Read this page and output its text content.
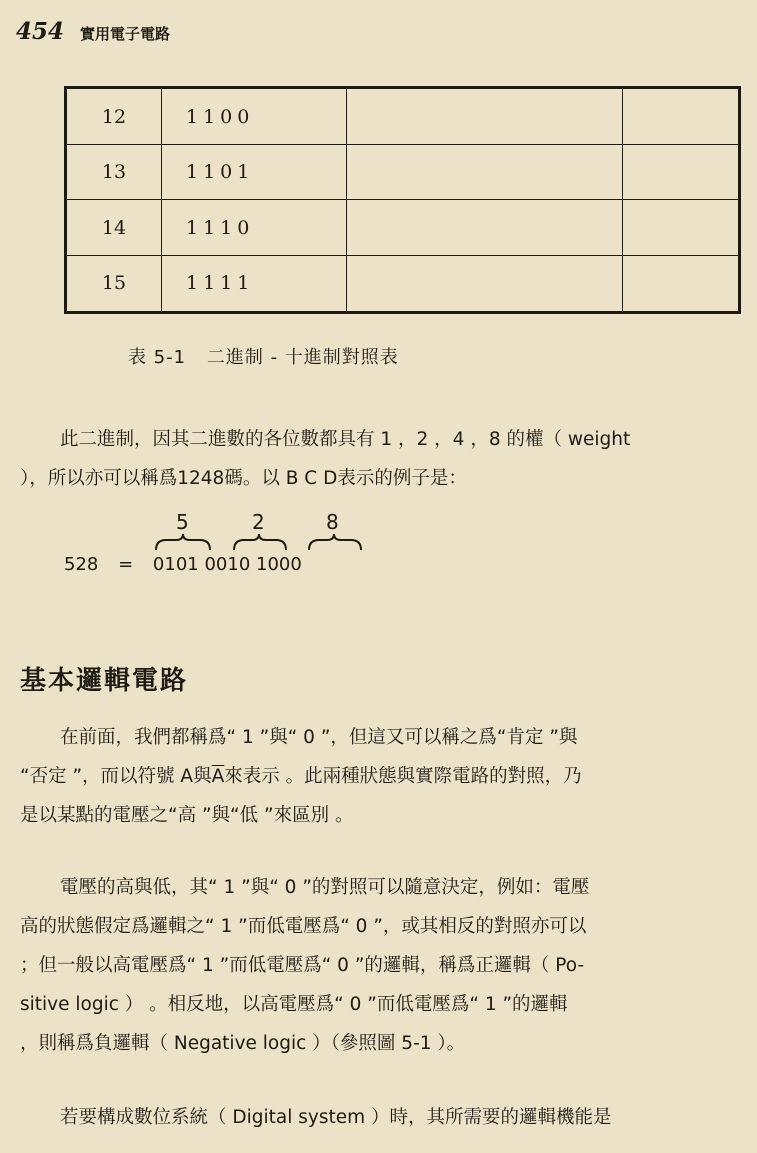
454 實用電子電路
12	1100		
13	1101		
14	1110		
15	1111		
表 5-1 二進制 - 十進制對照表

此二進制，因其二進數的各位數都具有 1 ，2 ，4 ，8 的權（ weight
），所以亦可以稱爲1248碼。以 B C D表示的例子是：

5	2	8
528 = 0101 0010 1000
基本邏輯電路

在前面，我們都稱爲“ 1 ”與“ 0 ”，但這又可以稱之爲“肯定 ”與
“否定 ”，而以符號 A與$\overline{A}$來表示 。此兩種狀態與實際電路的對照，乃
是以某點的電壓之“高 ”與“低 ”來區別 。

電壓的高與低，其“ 1 ”與“ 0 ”的對照可以隨意決定，例如：電壓
高的狀態假定爲邏輯之“ 1 ”而低電壓爲“ 0 ”，或其相反的對照亦可以
；但一般以高電壓爲“ 1 ”而低電壓爲“ 0 ”的邏輯，稱爲正邏輯（ Po-
sitive logic ） 。相反地，以高電壓爲“ 0 ”而低電壓爲“ 1 ”的邏輯
，則稱爲負邏輯（ Negative logic ）（參照圖 5-1 ）。

若要構成數位系統（ Digital system ）時，其所需要的邏輯機能是
